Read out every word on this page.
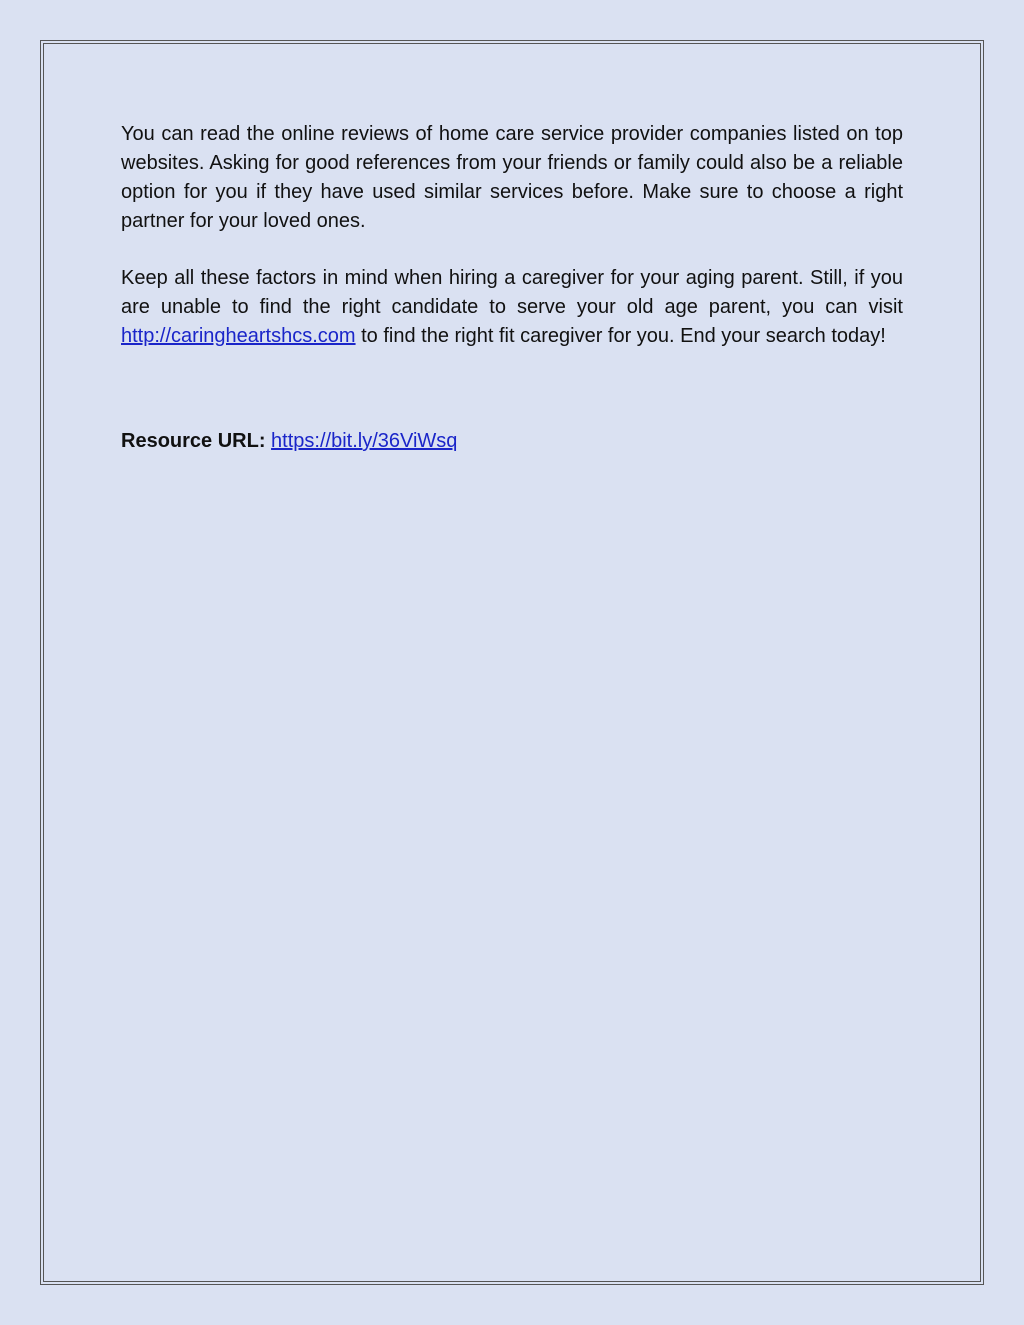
You can read the online reviews of home care service provider companies listed on top websites. Asking for good references from your friends or family could also be a reliable option for you if they have used similar services before. Make sure to choose a right partner for your loved ones.

Keep all these factors in mind when hiring a caregiver for your aging parent. Still, if you are unable to find the right candidate to serve your old age parent, you can visit http://caringheartshcs.com to find the right fit caregiver for you. End your search today!

Resource URL: https://bit.ly/36ViWsq
